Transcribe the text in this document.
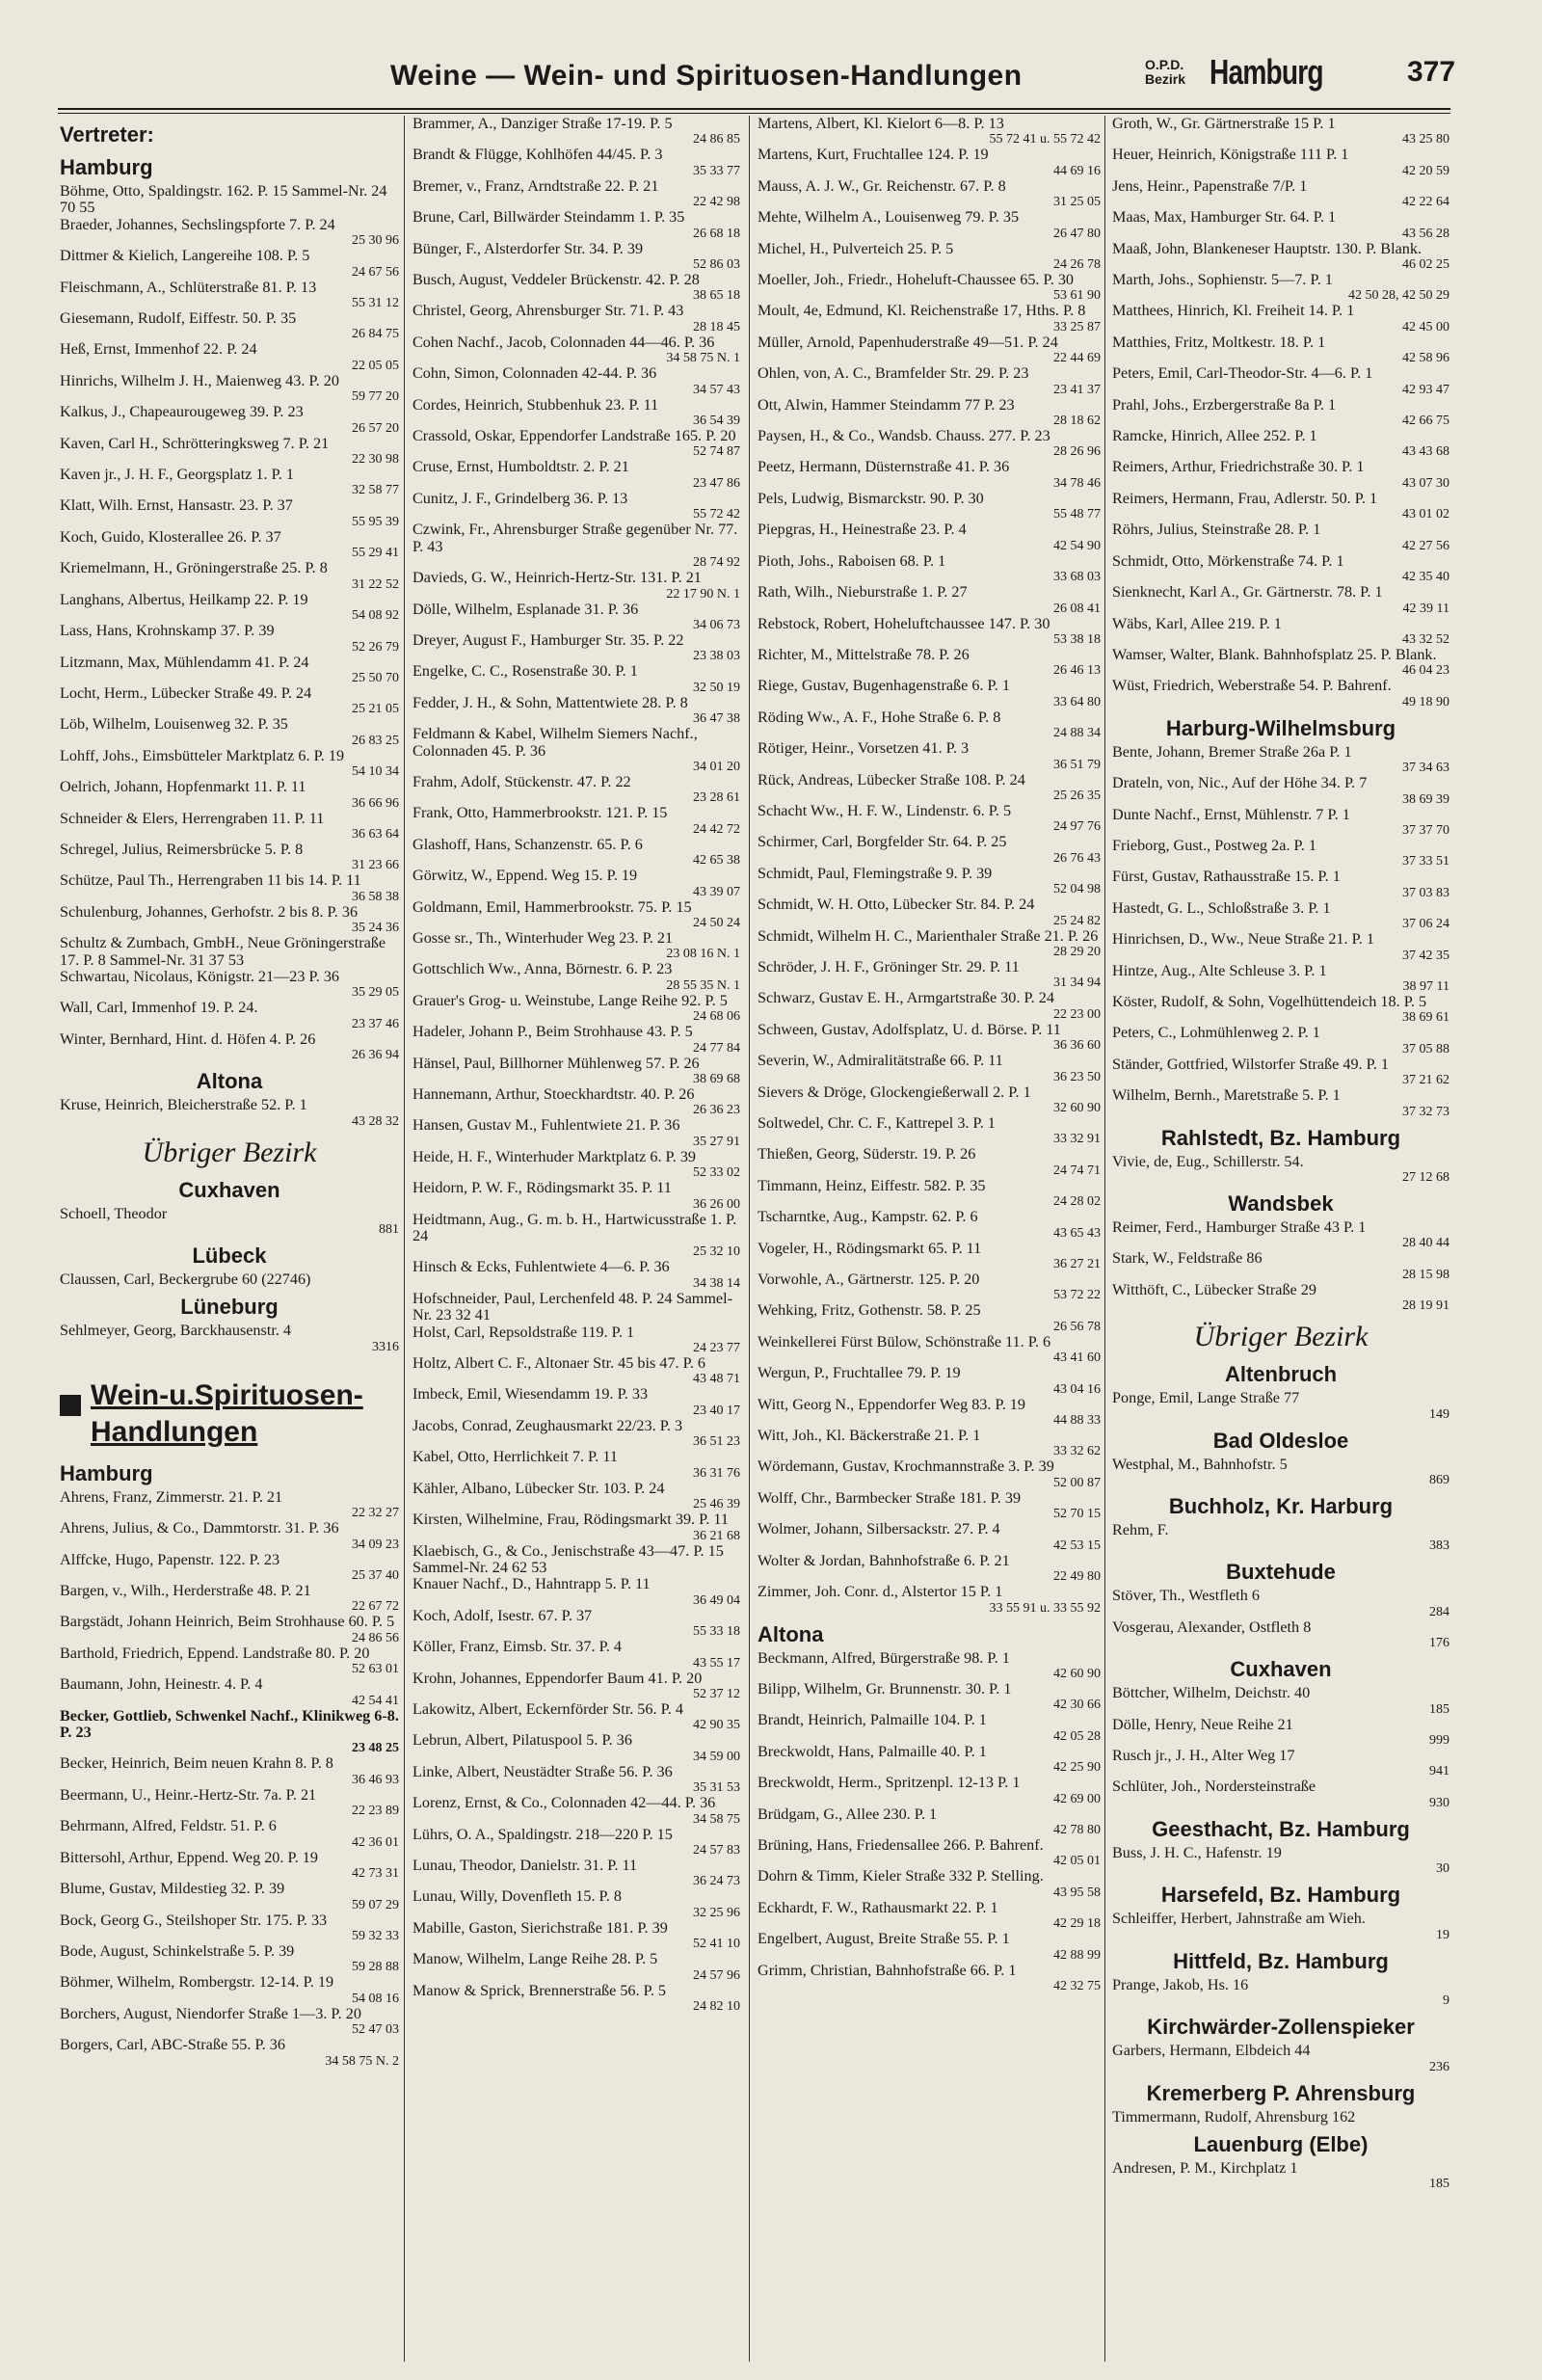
Weine — Wein- und Spirituosen-Handlungen	O.P.D.
Bezirk Hamburg	377
Vertreter:
Hamburg
Böhme, Otto, Spaldingstr. 162. P. 15 Sammel-Nr. 24 70 55
Braeder, Johannes, Sechslingspforte 7. P. 24
25 30 96
Dittmer & Kielich, Langereihe 108. P. 5
24 67 56
Fleischmann, A., Schlüterstraße 81. P. 13
55 31 12
Giesemann, Rudolf, Eiffestr. 50. P. 35
26 84 75
Heß, Ernst, Immenhof 22. P. 24
22 05 05
Hinrichs, Wilhelm J. H., Maienweg 43. P. 20
59 77 20
Kalkus, J., Chapeaurougeweg 39. P. 23
26 57 20
Kaven, Carl H., Schrötteringksweg 7. P. 21
22 30 98
Kaven jr., J. H. F., Georgsplatz 1. P. 1
32 58 77
Klatt, Wilh. Ernst, Hansastr. 23. P. 37
55 95 39
Koch, Guido, Klosterallee 26. P. 37
55 29 41
Kriemelmann, H., Gröningerstraße 25. P. 8
31 22 52
Langhans, Albertus, Heilkamp 22. P. 19
54 08 92
Lass, Hans, Krohnskamp 37. P. 39
52 26 79
Litzmann, Max, Mühlendamm 41. P. 24
25 50 70
Locht, Herm., Lübecker Straße 49. P. 24
25 21 05
Löb, Wilhelm, Louisenweg 32. P. 35
26 83 25
Lohff, Johs., Eimsbütteler Marktplatz 6. P. 19
54 10 34
Oelrich, Johann, Hopfenmarkt 11. P. 11
36 66 96
Schneider & Elers, Herrengraben 11. P. 11
36 63 64
Schregel, Julius, Reimersbrücke 5. P. 8
31 23 66
Schütze, Paul Th., Herrengraben 11 bis 14. P. 11
36 58 38
Schulenburg, Johannes, Gerhofstr. 2 bis 8. P. 36
35 24 36
Schultz & Zumbach, GmbH., Neue Gröningerstraße 17. P. 8 Sammel-Nr. 31 37 53
Schwartau, Nicolaus, Königstr. 21—23 P. 36
35 29 05
Wall, Carl, Immenhof 19. P. 24.
23 37 46
Winter, Bernhard, Hint. d. Höfen 4. P. 26
26 36 94
Altona
Kruse, Heinrich, Bleicherstraße 52. P. 1
43 28 32
Übriger Bezirk
Cuxhaven
Schoell, Theodor
881
Lübeck
Claussen, Carl, Beckergrube 60 (22746)
Lüneburg
Sehlmeyer, Georg, Barckhausenstr. 4
3316
Wein-u.Spirituosen-
Handlungen
Hamburg
Ahrens, Franz, Zimmerstr. 21. P. 21
22 32 27
Ahrens, Julius, & Co., Dammtorstr. 31. P. 36
34 09 23
Alffcke, Hugo, Papenstr. 122. P. 23
25 37 40
Bargen, v., Wilh., Herderstraße 48. P. 21
22 67 72
Bargstädt, Johann Heinrich, Beim Strohhause 60. P. 5
24 86 56
Barthold, Friedrich, Eppend. Landstraße 80. P. 20
52 63 01
Baumann, John, Heinestr. 4. P. 4
42 54 41
Becker, Gottlieb, Schwenkel Nachf., Klinikweg 6-8. P. 23
23 48 25
Becker, Heinrich, Beim neuen Krahn 8. P. 8
36 46 93
Beermann, U., Heinr.-Hertz-Str. 7a. P. 21
22 23 89
Behrmann, Alfred, Feldstr. 51. P. 6
42 36 01
Bittersohl, Arthur, Eppend. Weg 20. P. 19
42 73 31
Blume, Gustav, Mildestieg 32. P. 39
59 07 29
Bock, Georg G., Steilshoper Str. 175. P. 33
59 32 33
Bode, August, Schinkelstraße 5. P. 39
59 28 88
Böhmer, Wilhelm, Rombergstr. 12-14. P. 19
54 08 16
Borchers, August, Niendorfer Straße 1—3. P. 20
52 47 03
Borgers, Carl, ABC-Straße 55. P. 36
34 58 75 N. 2
Brammer, A., Danziger Straße 17-19. P. 5
24 86 85
Brandt & Flügge, Kohlhöfen 44/45. P. 3
35 33 77
Bremer, v., Franz, Arndtstraße 22. P. 21
22 42 98
Brune, Carl, Billwärder Steindamm 1. P. 35
26 68 18
Bünger, F., Alsterdorfer Str. 34. P. 39
52 86 03
Busch, August, Veddeler Brückenstr. 42. P. 28
38 65 18
Christel, Georg, Ahrensburger Str. 71. P. 43
28 18 45
Cohen Nachf., Jacob, Colonnaden 44—46. P. 36
34 58 75 N. 1
Cohn, Simon, Colonnaden 42-44. P. 36
34 57 43
Cordes, Heinrich, Stubbenhuk 23. P. 11
36 54 39
Crassold, Oskar, Eppendorfer Landstraße 165. P. 20
52 74 87
Cruse, Ernst, Humboldtstr. 2. P. 21
23 47 86
Cunitz, J. F., Grindelberg 36. P. 13
55 72 42
Czwink, Fr., Ahrensburger Straße gegenüber Nr. 77. P. 43
28 74 92
Davieds, G. W., Heinrich-Hertz-Str. 131. P. 21
22 17 90 N. 1
Dölle, Wilhelm, Esplanade 31. P. 36
34 06 73
Dreyer, August F., Hamburger Str. 35. P. 22
23 38 03
Engelke, C. C., Rosenstraße 30. P. 1
32 50 19
Fedder, J. H., & Sohn, Mattentwiete 28. P. 8
36 47 38
Feldmann & Kabel, Wilhelm Siemers Nachf., Colonnaden 45. P. 36
34 01 20
Frahm, Adolf, Stückenstr. 47. P. 22
23 28 61
Frank, Otto, Hammerbrookstr. 121. P. 15
24 42 72
Glashoff, Hans, Schanzenstr. 65. P. 6
42 65 38
Görwitz, W., Eppend. Weg 15. P. 19
43 39 07
Goldmann, Emil, Hammerbrookstr. 75. P. 15
24 50 24
Gosse sr., Th., Winterhuder Weg 23. P. 21
23 08 16 N. 1
Gottschlich Ww., Anna, Börnestr. 6. P. 23
28 55 35 N. 1
Grauer's Grog- u. Weinstube, Lange Reihe 92. P. 5
24 68 06
Hadeler, Johann P., Beim Strohhause 43. P. 5
24 77 84
Hänsel, Paul, Billhorner Mühlenweg 57. P. 26
38 69 68
Hannemann, Arthur, Stoeckhardtstr. 40. P. 26
26 36 23
Hansen, Gustav M., Fuhlentwiete 21. P. 36
35 27 91
Heide, H. F., Winterhuder Marktplatz 6. P. 39
52 33 02
Heidorn, P. W. F., Rödingsmarkt 35. P. 11
36 26 00
Heidtmann, Aug., G. m. b. H., Hartwicusstraße 1. P. 24
25 32 10
Hinsch & Ecks, Fuhlentwiete 4—6. P. 36
34 38 14
Hofschneider, Paul, Lerchenfeld 48. P. 24 Sammel-Nr. 23 32 41
Holst, Carl, Repsoldstraße 119. P. 1
24 23 77
Holtz, Albert C. F., Altonaer Str. 45 bis 47. P. 6
43 48 71
Imbeck, Emil, Wiesendamm 19. P. 33
23 40 17
Jacobs, Conrad, Zeughausmarkt 22/23. P. 3
36 51 23
Kabel, Otto, Herrlichkeit 7. P. 11
36 31 76
Kähler, Albano, Lübecker Str. 103. P. 24
25 46 39
Kirsten, Wilhelmine, Frau, Rödingsmarkt 39. P. 11
36 21 68
Klaebisch, G., & Co., Jenischstraße 43—47. P. 15 Sammel-Nr. 24 62 53
Knauer Nachf., D., Hahntrapp 5. P. 11
36 49 04
Koch, Adolf, Isestr. 67. P. 37
55 33 18
Köller, Franz, Eimsb. Str. 37. P. 4
43 55 17
Krohn, Johannes, Eppendorfer Baum 41. P. 20
52 37 12
Lakowitz, Albert, Eckernförder Str. 56. P. 4
42 90 35
Lebrun, Albert, Pilatuspool 5. P. 36
34 59 00
Linke, Albert, Neustädter Straße 56. P. 36
35 31 53
Lorenz, Ernst, & Co., Colonnaden 42—44. P. 36
34 58 75
Lührs, O. A., Spaldingstr. 218—220 P. 15
24 57 83
Lunau, Theodor, Danielstr. 31. P. 11
36 24 73
Lunau, Willy, Dovenfleth 15. P. 8
32 25 96
Mabille, Gaston, Sierichstraße 181. P. 39
52 41 10
Manow, Wilhelm, Lange Reihe 28. P. 5
24 57 96
Manow & Sprick, Brennerstraße 56. P. 5
24 82 10
Martens, Albert, Kl. Kielort 6—8. P. 13
55 72 41 u. 55 72 42
Martens, Kurt, Fruchtallee 124. P. 19
44 69 16
Mauss, A. J. W., Gr. Reichenstr. 67. P. 8
31 25 05
Mehte, Wilhelm A., Louisenweg 79. P. 35
26 47 80
Michel, H., Pulverteich 25. P. 5
24 26 78
Moeller, Joh., Friedr., Hoheluft-Chaussee 65. P. 30
53 61 90
Moult, 4e, Edmund, Kl. Reichenstraße 17, Hths. P. 8
33 25 87
Müller, Arnold, Papenhuderstraße 49—51. P. 24
22 44 69
Ohlen, von, A. C., Bramfelder Str. 29. P. 23
23 41 37
Ott, Alwin, Hammer Steindamm 77 P. 23
28 18 62
Paysen, H., & Co., Wandsb. Chauss. 277. P. 23
28 26 96
Peetz, Hermann, Düsternstraße 41. P. 36
34 78 46
Pels, Ludwig, Bismarckstr. 90. P. 30
55 48 77
Piepgras, H., Heinestraße 23. P. 4
42 54 90
Pioth, Johs., Raboisen 68. P. 1
33 68 03
Rath, Wilh., Nieburstraße 1. P. 27
26 08 41
Rebstock, Robert, Hoheluftchaussee 147. P. 30
53 38 18
Richter, M., Mittelstraße 78. P. 26
26 46 13
Riege, Gustav, Bugenhagenstraße 6. P. 1
33 64 80
Röding Ww., A. F., Hohe Straße 6. P. 8
24 88 34
Rötiger, Heinr., Vorsetzen 41. P. 3
36 51 79
Rück, Andreas, Lübecker Straße 108. P. 24
25 26 35
Schacht Ww., H. F. W., Lindenstr. 6. P. 5
24 97 76
Schirmer, Carl, Borgfelder Str. 64. P. 25
26 76 43
Schmidt, Paul, Flemingstraße 9. P. 39
52 04 98
Schmidt, W. H. Otto, Lübecker Str. 84. P. 24
25 24 82
Schmidt, Wilhelm H. C., Marienthaler Straße 21. P. 26
28 29 20
Schröder, J. H. F., Gröninger Str. 29. P. 11
31 34 94
Schwarz, Gustav E. H., Armgartstraße 30. P. 24
22 23 00
Schween, Gustav, Adolfsplatz, U. d. Börse. P. 11
36 36 60
Severin, W., Admiralitätstraße 66. P. 11
36 23 50
Sievers & Dröge, Glockengießerwall 2. P. 1
32 60 90
Soltwedel, Chr. C. F., Kattrepel 3. P. 1
33 32 91
Thießen, Georg, Süderstr. 19. P. 26
24 74 71
Timmann, Heinz, Eiffestr. 582. P. 35
24 28 02
Tscharntke, Aug., Kampstr. 62. P. 6
43 65 43
Vogeler, H., Rödingsmarkt 65. P. 11
36 27 21
Vorwohle, A., Gärtnerstr. 125. P. 20
53 72 22
Wehking, Fritz, Gothenstr. 58. P. 25
26 56 78
Weinkellerei Fürst Bülow, Schönstraße 11. P. 6
43 41 60
Wergun, P., Fruchtallee 79. P. 19
43 04 16
Witt, Georg N., Eppendorfer Weg 83. P. 19
44 88 33
Witt, Joh., Kl. Bäckerstraße 21. P. 1
33 32 62
Wördemann, Gustav, Krochmannstraße 3. P. 39
52 00 87
Wolff, Chr., Barmbecker Straße 181. P. 39
52 70 15
Wolmer, Johann, Silbersackstr. 27. P. 4
42 53 15
Wolter & Jordan, Bahnhofstraße 6. P. 21
22 49 80
Zimmer, Joh. Conr. d., Alstertor 15 P. 1
33 55 91 u. 33 55 92
Altona
Beckmann, Alfred, Bürgerstraße 98. P. 1
42 60 90
Bilipp, Wilhelm, Gr. Brunnenstr. 30. P. 1
42 30 66
Brandt, Heinrich, Palmaille 104. P. 1
42 05 28
Breckwoldt, Hans, Palmaille 40. P. 1
42 25 90
Breckwoldt, Herm., Spritzenpl. 12-13 P. 1
42 69 00
Brüdgam, G., Allee 230. P. 1
42 78 80
Brüning, Hans, Friedensallee 266. P. Bahrenf.
42 05 01
Dohrn & Timm, Kieler Straße 332 P. Stelling.
43 95 58
Eckhardt, F. W., Rathausmarkt 22. P. 1
42 29 18
Engelbert, August, Breite Straße 55. P. 1
42 88 99
Grimm, Christian, Bahnhofstraße 66. P. 1
42 32 75
Groth, W., Gr. Gärtnerstraße 15 P. 1
43 25 80
Heuer, Heinrich, Königstraße 111 P. 1
42 20 59
Jens, Heinr., Papenstraße 7/P. 1
42 22 64
Maas, Max, Hamburger Str. 64. P. 1
43 56 28
Maaß, John, Blankeneser Hauptstr. 130. P. Blank.
46 02 25
Marth, Johs., Sophienstr. 5—7. P. 1
42 50 28, 42 50 29
Matthees, Hinrich, Kl. Freiheit 14. P. 1
42 45 00
Matthies, Fritz, Moltkestr. 18. P. 1
42 58 96
Peters, Emil, Carl-Theodor-Str. 4—6. P. 1
42 93 47
Prahl, Johs., Erzbergerstraße 8a P. 1
42 66 75
Ramcke, Hinrich, Allee 252. P. 1
43 43 68
Reimers, Arthur, Friedrichstraße 30. P. 1
43 07 30
Reimers, Hermann, Frau, Adlerstr. 50. P. 1
43 01 02
Röhrs, Julius, Steinstraße 28. P. 1
42 27 56
Schmidt, Otto, Mörkenstraße 74. P. 1
42 35 40
Sienknecht, Karl A., Gr. Gärtnerstr. 78. P. 1
42 39 11
Wäbs, Karl, Allee 219. P. 1
43 32 52
Wamser, Walter, Blank. Bahnhofsplatz 25. P. Blank.
46 04 23
Wüst, Friedrich, Weberstraße 54. P. Bahrenf.
49 18 90
Harburg-Wilhelmsburg
Bente, Johann, Bremer Straße 26a P. 1
37 34 63
Drateln, von, Nic., Auf der Höhe 34. P. 7
38 69 39
Dunte Nachf., Ernst, Mühlenstr. 7 P. 1
37 37 70
Frieborg, Gust., Postweg 2a. P. 1
37 33 51
Fürst, Gustav, Rathausstraße 15. P. 1
37 03 83
Hastedt, G. L., Schloßstraße 3. P. 1
37 06 24
Hinrichsen, D., Ww., Neue Straße 21. P. 1
37 42 35
Hintze, Aug., Alte Schleuse 3. P. 1
38 97 11
Köster, Rudolf, & Sohn, Vogelhüttendeich 18. P. 5
38 69 61
Peters, C., Lohmühlenweg 2. P. 1
37 05 88
Ständer, Gottfried, Wilstorfer Straße 49. P. 1
37 21 62
Wilhelm, Bernh., Maretstraße 5. P. 1
37 32 73
Rahlstedt, Bz. Hamburg
Vivie, de, Eug., Schillerstr. 54.
27 12 68
Wandsbek
Reimer, Ferd., Hamburger Straße 43 P. 1
28 40 44
Stark, W., Feldstraße 86
28 15 98
Witthöft, C., Lübecker Straße 29
28 19 91
Übriger Bezirk
Altenbruch
Ponge, Emil, Lange Straße 77
149
Bad Oldesloe
Westphal, M., Bahnhofstr. 5
869
Buchholz, Kr. Harburg
Rehm, F.
383
Buxtehude
Stöver, Th., Westfleth 6
284
Vosgerau, Alexander, Ostfleth 8
176
Cuxhaven
Böttcher, Wilhelm, Deichstr. 40
185
Dölle, Henry, Neue Reihe 21
999
Rusch jr., J. H., Alter Weg 17
941
Schlüter, Joh., Nordersteinstraße
930
Geesthacht, Bz. Hamburg
Buss, J. H. C., Hafenstr. 19
30
Harsefeld, Bz. Hamburg
Schleiffer, Herbert, Jahnstraße am Wieh.
19
Hittfeld, Bz. Hamburg
Prange, Jakob, Hs. 16
9
Kirchwärder-Zollenspieker
Garbers, Hermann, Elbdeich 44
236
Kremerberg P. Ahrensburg
Timmermann, Rudolf, Ahrensburg 162
Lauenburg (Elbe)
Andresen, P. M., Kirchplatz 1
185
